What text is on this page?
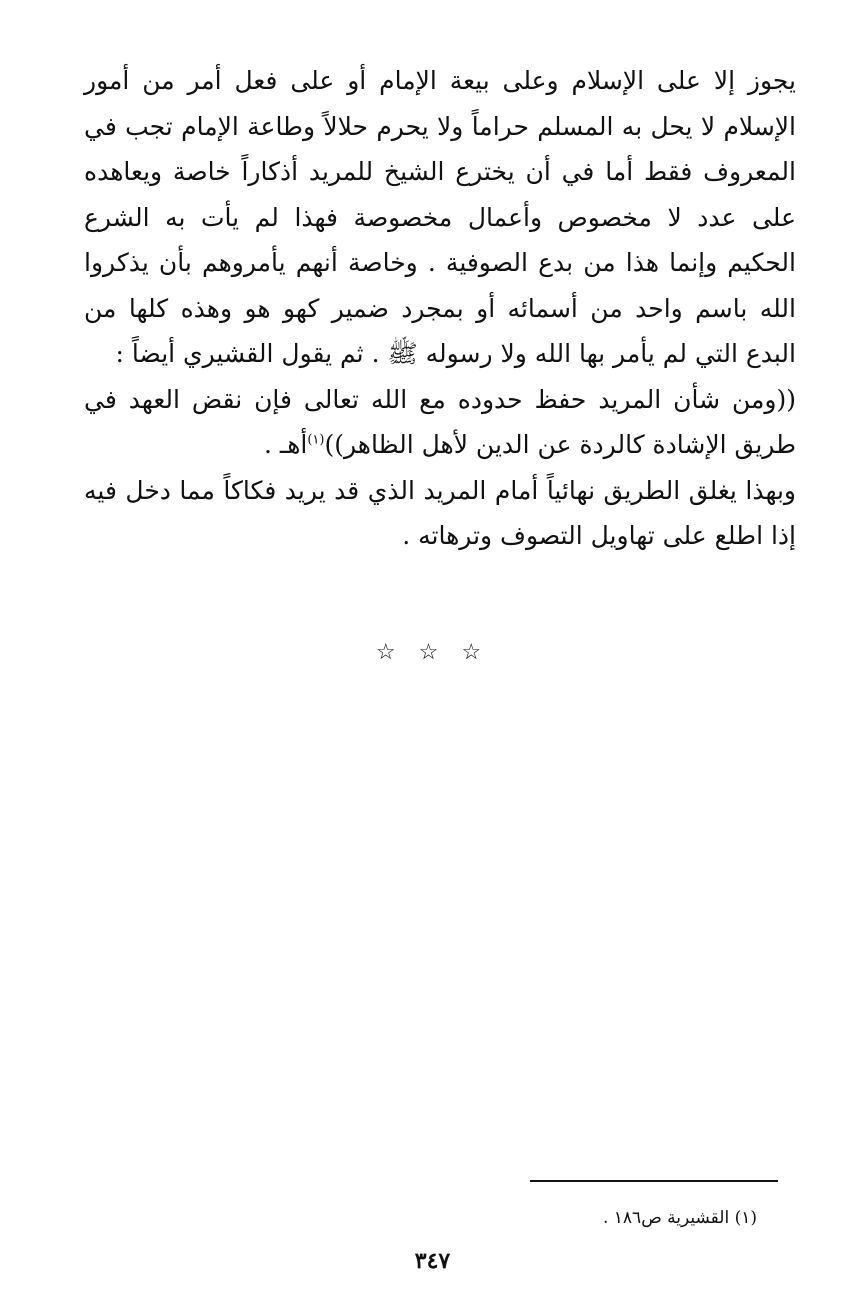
يجوز إلا على الإسلام وعلى بيعة الإمام أو على فعل أمر من أمور الإسلام لا يحل به المسلم حراماً ولا يحرم حلالاً وطاعة الإمام تجب في المعروف فقط أما في أن يخترع الشيخ للمريد أذكاراً خاصة ويعاهده على عدد لا مخصوص وأعمال مخصوصة فهذا لم يأت به الشرع الحكيم وإنما هذا من بدع الصوفية . وخاصة أنهم يأمروهم بأن يذكروا الله باسم واحد من أسمائه أو بمجرد ضمير كهو هو وهذه كلها من البدع التي لم يأمر بها الله ولا رسوله ﷺ . ثم يقول القشيري أيضاً :

((ومن شأن المريد حفظ حدوده مع الله تعالى فإن نقض العهد في طريق الإشادة كالردة عن الدين لأهل الظاهر))$^{(١)}$أهـ .

وبهذا يغلق الطريق نهائياً أمام المريد الذي قد يريد فكاكاً مما دخل فيه إذا اطلع على تهاويل التصوف وترهاته .

☆ ☆ ☆
(١) القشيرية ص١٨٦ .
٣٤٧
